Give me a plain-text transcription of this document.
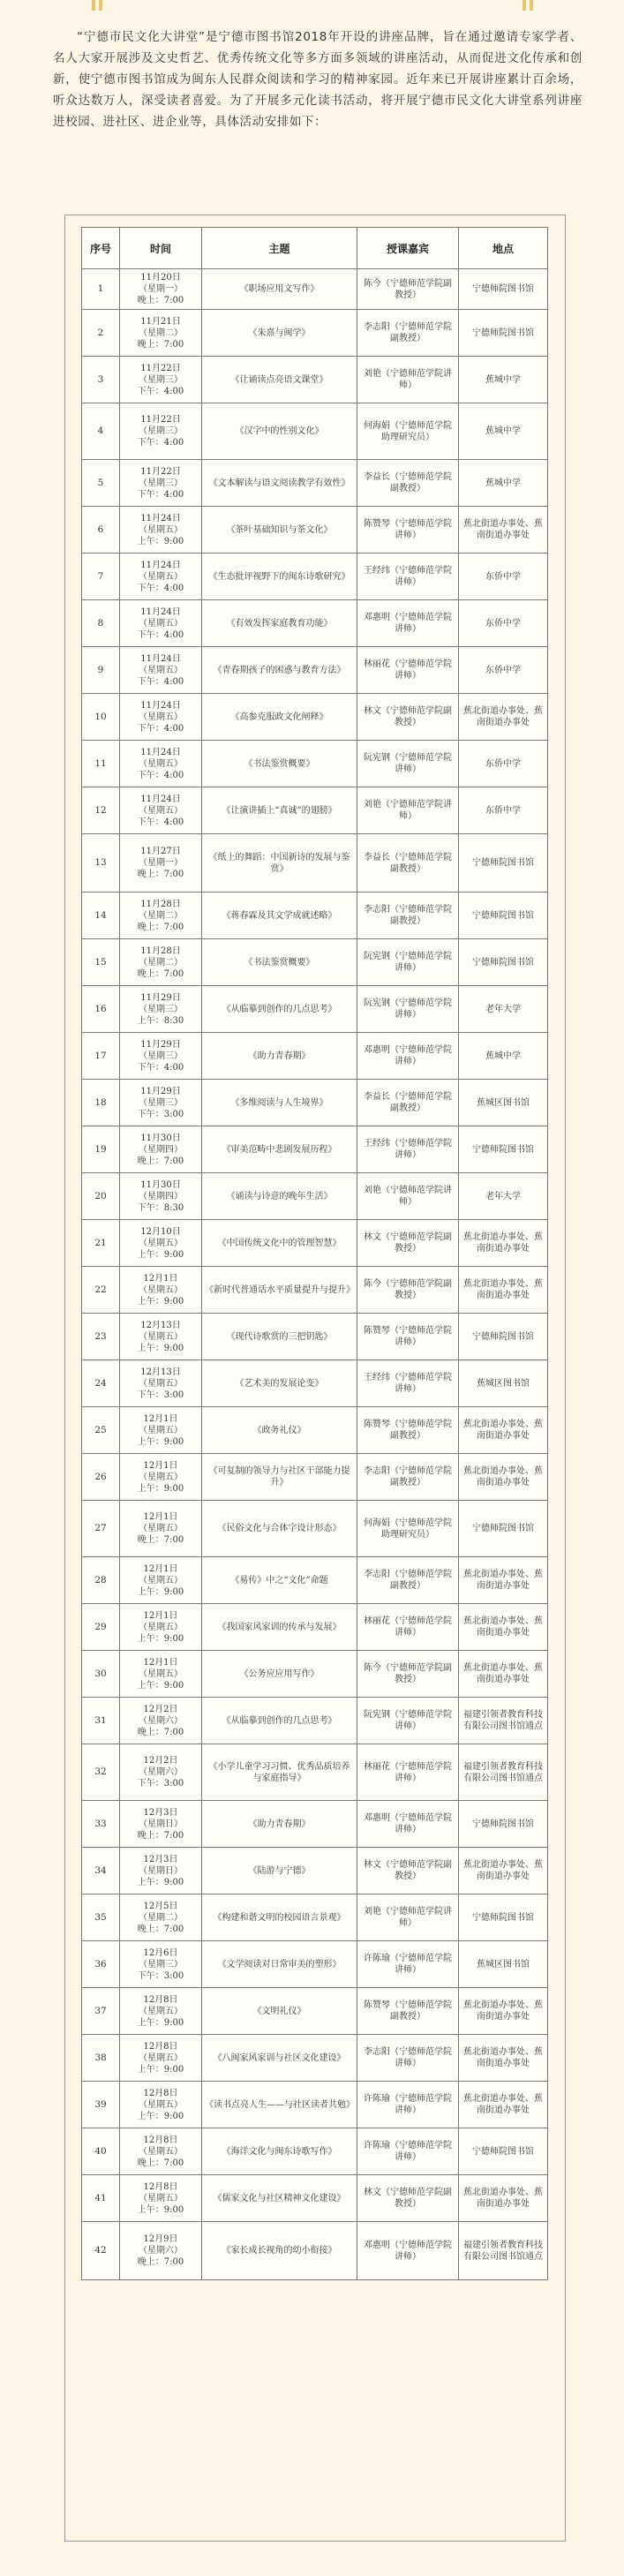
“宁德市民文化大讲堂”是宁德市图书馆2018年开设的讲座品牌，旨在通过邀请专家学者、名人大家开展涉及文史哲艺、优秀传统文化等多方面多领域的讲座活动，从而促进文化传承和创新，使宁德市图书馆成为闽东人民群众阅读和学习的精神家园。近年来已开展讲座累计百余场，听众达数万人，深受读者喜爱。为了开展多元化读书活动，将开展宁德市民文化大讲堂系列讲座进校园、进社区、进企业等，具体活动安排如下：

序号	时间	主题	授课嘉宾	地点
1	11月20日
（星期一）
晚上：7:00	《职场应用文写作》	陈今（宁德师范学院副教授）	宁德师院图书馆
2	11月21日
（星期二）
晚上：7:00	《朱熹与闽学》	李志阳（宁德师范学院副教授）	宁德师院图书馆
3	11月22日
（星期三）
下午：4:00	《让诵读点亮语文课堂》	刘艳（宁德师范学院讲师）	蕉城中学
4	11月22日
（星期三）
下午：4:00	《汉字中的性别文化》	何海娟（宁德师范学院助理研究员）	蕉城中学
5	11月22日
（星期三）
下午：4:00	《文本解读与语文阅读教学有效性》	李益长（宁德师范学院副教授）	蕉城中学
6	11月24日
（星期五）
上午：9:00	《茶叶基础知识与茶文化》	陈赞琴（宁德师范学院讲师）	蕉北街道办事处、蕉南街道办事处
7	11月24日
（星期五）
下午：4:00	《生态批评视野下的闽东诗歌研究》	王经纬（宁德师范学院讲师）	东侨中学
8	11月24日
（星期五）
下午：4:00	《有效发挥家庭教育功能》	邓惠明（宁德师范学院讲师）	东侨中学
9	11月24日
（星期五）
下午：4:00	《青春期孩子的困惑与教育方法》	林丽花（宁德师范学院讲师）	东侨中学
10	11月24日
（星期五）
下午：4:00	《高参克服政文化闸释》	林文（宁德师范学院副教授）	蕉北街道办事处、蕉南街道办事处
11	11月24日
（星期五）
下午：4:00	《书法鉴赏概要》	阮宪钢（宁德师范学院讲师）	东侨中学
12	11月24日
（星期五）
下午：4:00	《让演讲插上“真诚”的翅膀》	刘艳（宁德师范学院讲师）	东侨中学
13	11月27日
（星期一）
晚上：7:00	《纸上的舞蹈：中国新诗的发展与鉴赏》	李益长（宁德师范学院副教授）	宁德师院图书馆
14	11月28日
（星期二）
晚上：7:00	《蒋春霖及其文学成就述略》	李志阳（宁德师范学院副教授）	宁德师院图书馆
15	11月28日
（星期二）
晚上：7:00	《书法鉴赏概要》	阮宪钢（宁德师范学院讲师）	宁德师院图书馆
16	11月29日
（星期三）
上午：8:30	《从临摹到创作的几点思考》	阮宪钢（宁德师范学院讲师）	老年大学
17	11月29日
（星期三）
下午：4:00	《助力青春期》	邓惠明（宁德师范学院讲师）	蕉城中学
18	11月29日
（星期三）
下午：3:00	《多维阅读与人生境界》	李益长（宁德师范学院副教授）	蕉城区图书馆
19	11月30日
（星期四）
晚上：7:00	《审美范畴中悲剧发展历程》	王经纬（宁德师范学院讲师）	宁德师院图书馆
20	11月30日
（星期四）
下午：8:30	《诵读与诗意的晚年生活》	刘艳（宁德师范学院讲师）	老年大学
21	12月10日
（星期五）
上午：9:00	《中国传统文化中的管理智慧》	林文（宁德师范学院副教授）	蕉北街道办事处、蕉南街道办事处
22	12月1日
（星期五）
上午：9:00	《新时代普通话水平质量提升与提升》	陈今（宁德师范学院副教授）	蕉北街道办事处、蕉南街道办事处
23	12月13日
（星期五）
上午：9:00	《现代诗歌赏的三把钥匙》	陈赞琴（宁德师范学院讲师）	宁德师院图书馆
24	12月13日
（星期五）
下午：3:00	《艺术美的发展论变》	王经纬（宁德师范学院讲师）	蕉城区图书馆
25	12月1日
（星期五）
上午：9:00	《政务礼仪》	陈赞琴（宁德师范学院副教授）	蕉北街道办事处、蕉南街道办事处
26	12月1日
（星期五）
上午：9:00	《可复制的领导力与社区干部能力提升》	李志阳（宁德师范学院副教授）	蕉北街道办事处、蕉南街道办事处
27	12月1日
（星期五）
晚上：7:00	《民俗文化与合体字设计形态》	何海娟（宁德师范学院助理研究员）	宁德师院图书馆
28	12月1日
（星期五）
上午：9:00	《易传》中之“文化”命题	李志阳（宁德师范学院副教授）	蕉北街道办事处、蕉南街道办事处
29	12月1日
（星期五）
上午：9:00	《我国家风家训的传承与发展》	林丽花（宁德师范学院讲师）	蕉北街道办事处、蕉南街道办事处
30	12月1日
（星期五）
上午：9:00	《公务应应用写作》	陈今（宁德师范学院副教授）	蕉北街道办事处、蕉南街道办事处
31	12月2日
（星期六）
晚上：7:00	《从临摹到创作的几点思考》	阮宪钢（宁德师范学院讲师）	福建引领者教育科技有限公司图书馆通点
32	12月2日
（星期六）
下午：3:00	《小学儿童学习习惯、优秀品质培养与家庭指导》	林丽花（宁德师范学院讲师）	福建引领者教育科技有限公司图书馆通点
33	12月3日
（星期日）
晚上：7:00	《助力青春期》	邓惠明（宁德师范学院讲师）	宁德师院图书馆
34	12月3日
（星期日）
上午：9:00	《陆游与宁德》	林文（宁德师范学院副教授）	蕉北街道办事处、蕉南街道办事处
35	12月5日
（星期二）
晚上：7:00	《构建和谐文明的校园语言景观》	刘艳（宁德师范学院讲师）	宁德师院图书馆
36	12月6日
（星期三）
下午：3:00	《文学阅读对日常审美的塑形》	许陈瑜（宁德师范学院讲师）	蕉城区图书馆
37	12月8日
（星期五）
上午：9:00	《文明礼仪》	陈赞琴（宁德师范学院副教授）	蕉北街道办事处、蕉南街道办事处
38	12月8日
（星期五）
上午：9:00	《八闽家风家训与社区文化建设》	李志阳（宁德师范学院讲师）	蕉北街道办事处、蕉南街道办事处
39	12月8日
（星期五）
上午：9:00	《读书点亮人生——与社区读者共勉》	许陈瑜（宁德师范学院讲师）	蕉北街道办事处、蕉南街道办事处
40	12月8日
（星期五）
晚上：7:00	《海洋文化与闽东诗歌写作》	许陈瑜（宁德师范学院讲师）	宁德师院图书馆
41	12月8日
（星期五）
上午：9:00	《儒家文化与社区精神文化建设》	林文（宁德师范学院副教授）	蕉北街道办事处、蕉南街道办事处
42	12月9日
（星期六）
晚上：7:00	《家长成长视角的幼小衔接》	邓惠明（宁德师范学院讲师）	福建引领者教育科技有限公司图书馆通点
